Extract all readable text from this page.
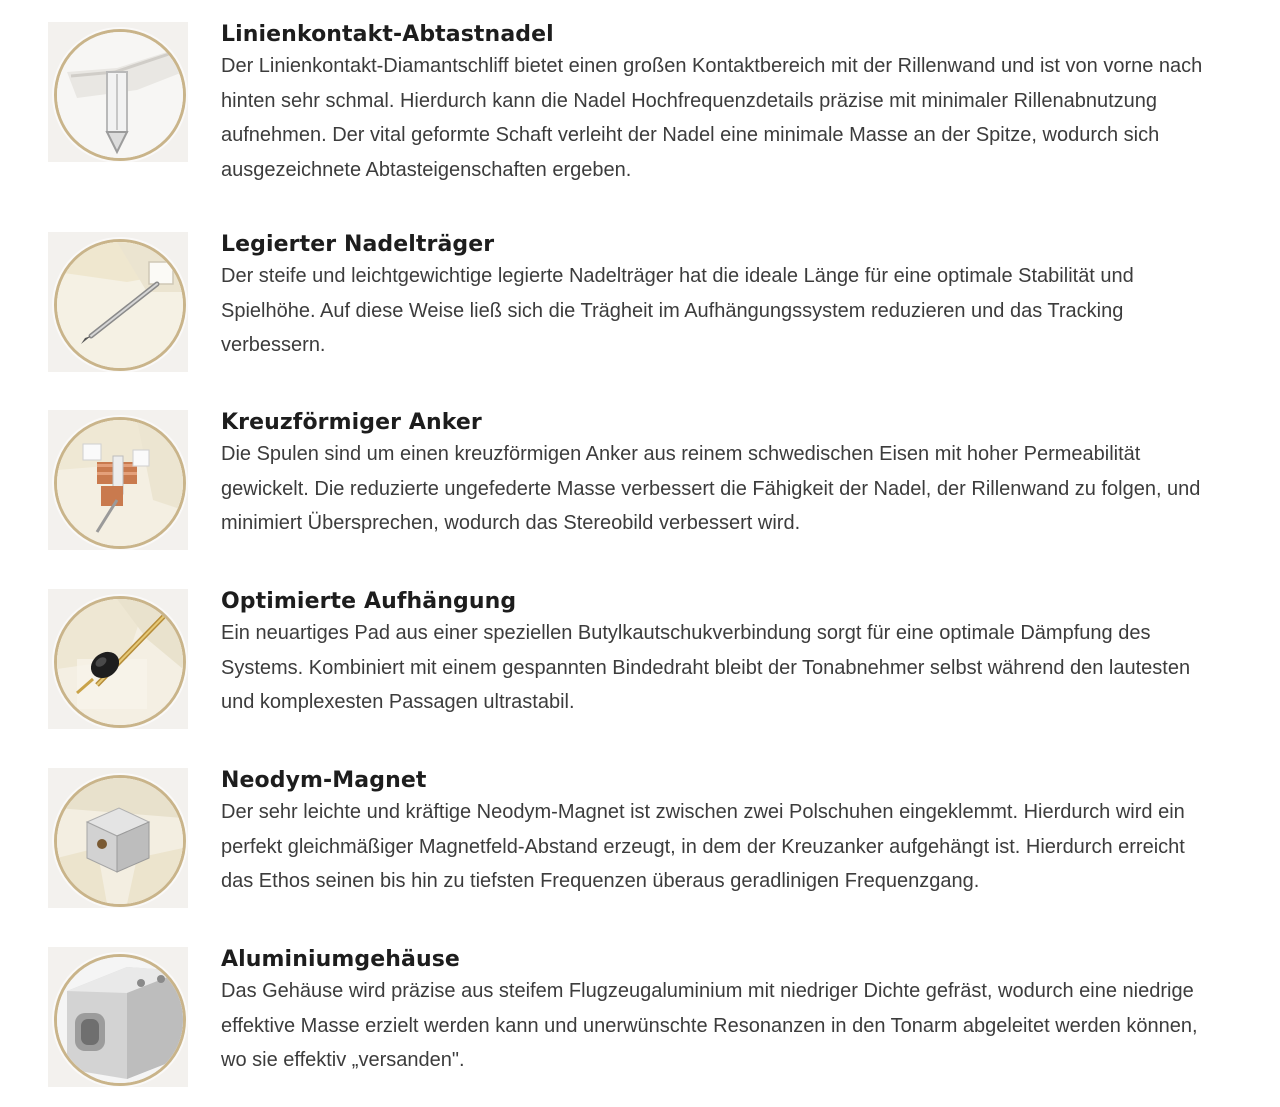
Linienkontakt-Abtastnadel

Der Linienkontakt-Diamantschliff bietet einen großen Kontaktbereich mit der Rillenwand und ist von vorne nach hinten sehr schmal. Hierdurch kann die Nadel Hochfrequenzdetails präzise mit minimaler Rillenabnutzung aufnehmen. Der vital geformte Schaft verleiht der Nadel eine minimale Masse an der Spitze, wodurch sich ausgezeichnete Abtasteigenschaften ergeben.

Legierter Nadelträger

Der steife und leichtgewichtige legierte Nadelträger hat die ideale Länge für eine optimale Stabilität und Spielhöhe. Auf diese Weise ließ sich die Trägheit im Aufhängungssystem reduzieren und das Tracking verbessern.

Kreuzförmiger Anker

Die Spulen sind um einen kreuzförmigen Anker aus reinem schwedischen Eisen mit hoher Permeabilität gewickelt. Die reduzierte ungefederte Masse verbessert die Fähigkeit der Nadel, der Rillenwand zu folgen, und minimiert Übersprechen, wodurch das Stereobild verbessert wird.

Optimierte Aufhängung

Ein neuartiges Pad aus einer speziellen Butylkautschukverbindung sorgt für eine optimale Dämpfung des Systems. Kombiniert mit einem gespannten Bindedraht bleibt der Tonabnehmer selbst während den lautesten und komplexesten Passagen ultrastabil.

Neodym-Magnet

Der sehr leichte und kräftige Neodym-Magnet ist zwischen zwei Polschuhen eingeklemmt. Hierdurch wird ein perfekt gleichmäßiger Magnetfeld-Abstand erzeugt, in dem der Kreuzanker aufgehängt ist. Hierdurch erreicht das Ethos seinen bis hin zu tiefsten Frequenzen überaus geradlinigen Frequenzgang.

Aluminiumgehäuse

Das Gehäuse wird präzise aus steifem Flugzeugaluminium mit niedriger Dichte gefräst, wodurch eine niedrige effektive Masse erzielt werden kann und unerwünschte Resonanzen in den Tonarm abgeleitet werden können, wo sie effektiv „versanden".
